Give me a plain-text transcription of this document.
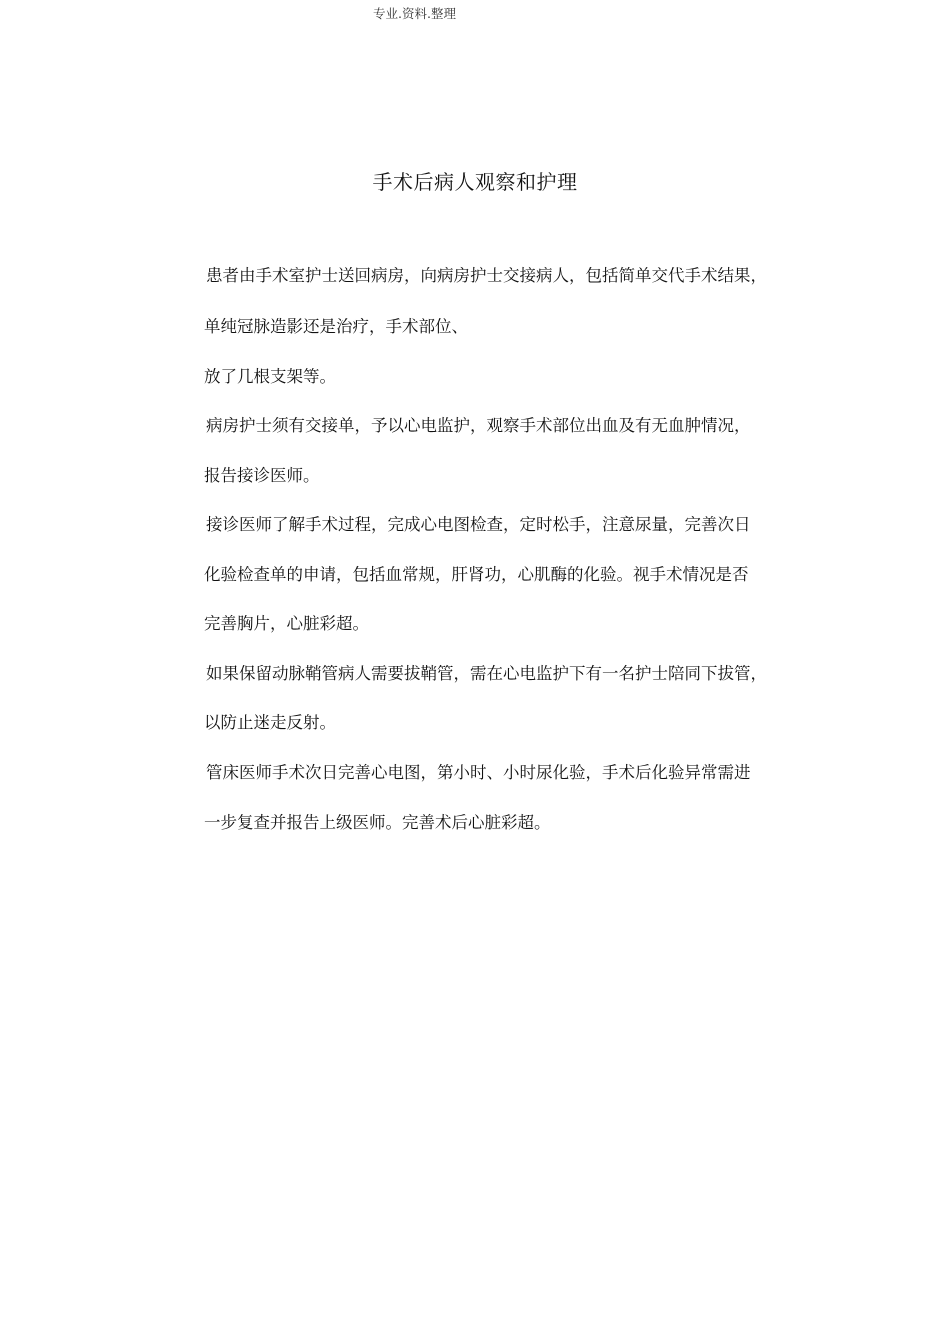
专业.资料.整理
手术后病人观察和护理
患者由手术室护士送回病房，向病房护士交接病人，包括简单交代手术结果，
单纯冠脉造影还是治疗，手术部位、
放了几根支架等。
病房护士须有交接单，予以心电监护，观察手术部位出血及有无血肿情况，
报告接诊医师。
接诊医师了解手术过程，完成心电图检查，定时松手，注意尿量，完善次日
化验检查单的申请，包括血常规，肝肾功，心肌酶的化验。视手术情况是否
完善胸片，心脏彩超。
如果保留动脉鞘管病人需要拔鞘管，需在心电监护下有一名护士陪同下拔管，
以防止迷走反射。
管床医师手术次日完善心电图，第小时、小时尿化验，手术后化验异常需进
一步复查并报告上级医师。完善术后心脏彩超。
